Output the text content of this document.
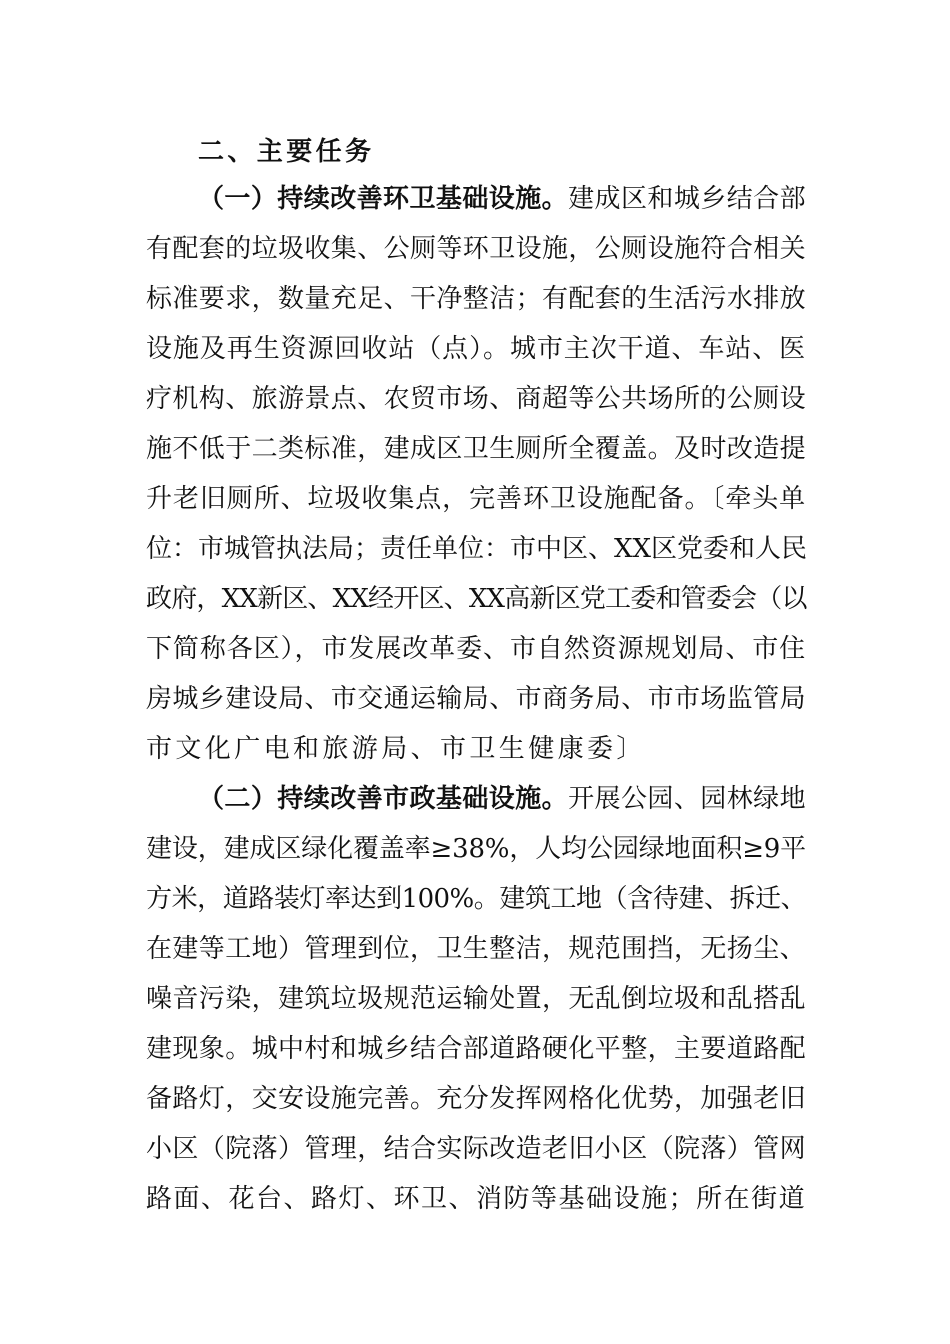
二、主要任务
（一）持续改善环卫基础设施。建成区和城乡结合部
有配套的垃圾收集、公厕等环卫设施，公厕设施符合相关
标准要求，数量充足、干净整洁；有配套的生活污水排放
设施及再生资源回收站（点）。城市主次干道、车站、医
疗机构、旅游景点、农贸市场、商超等公共场所的公厕设
施不低于二类标准，建成区卫生厕所全覆盖。及时改造提
升老旧厕所、垃圾收集点，完善环卫设施配备。〔牵头单
位：市城管执法局；责任单位：市中区、XX区党委和人民
政府，XX新区、XX经开区、XX高新区党工委和管委会（以
下简称各区），市发展改革委、市自然资源规划局、市住
房城乡建设局、市交通运输局、市商务局、市市场监管局
市文化广电和旅游局、市卫生健康委〕
（二）持续改善市政基础设施。开展公园、园林绿地
建设，建成区绿化覆盖率≥38%，人均公园绿地面积≥9平
方米，道路装灯率达到100%。建筑工地（含待建、拆迁、
在建等工地）管理到位，卫生整洁，规范围挡，无扬尘、
噪音污染，建筑垃圾规范运输处置，无乱倒垃圾和乱搭乱
建现象。城中村和城乡结合部道路硬化平整，主要道路配
备路灯，交安设施完善。充分发挥网格化优势，加强老旧
小区（院落）管理，结合实际改造老旧小区（院落）管网
路面、花台、路灯、环卫、消防等基础设施；所在街道
